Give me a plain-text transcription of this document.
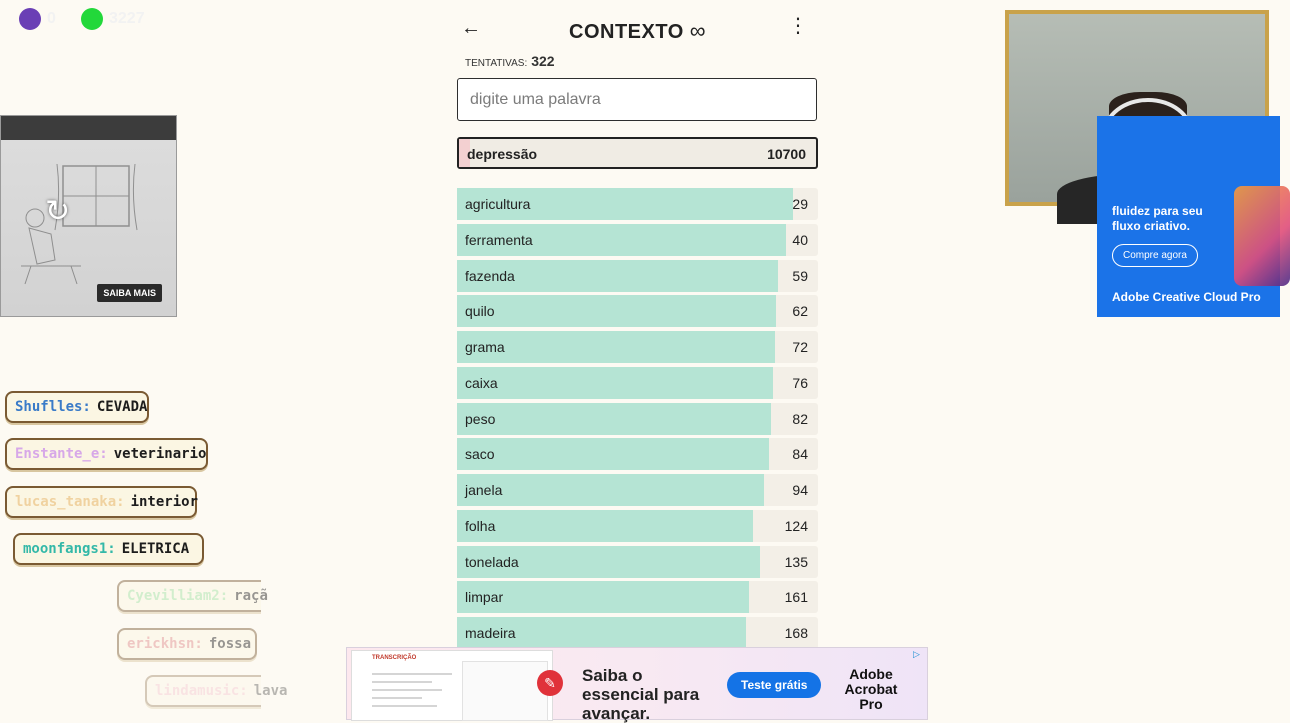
0	3227
↻
SAIBA MAIS
Shuflles: CEVADA
Enstante_e: veterinario
lucas_tanaka: interior
moonfangs1: ELETRICA
Cyevilliam2: raçã
erickhsn: fossa
lindamusic: lava
←	CONTEXTO ∞	⋮
TENTATIVAS: 322
digite uma palavra
depressão	10700
agricultura	29
ferramenta	40
fazenda	59
quilo	62
grama	72
caixa	76
peso	82
saco	84
janela	94
folha	124
tonelada	135
limpar	161
madeira	168
fluidez para seu fluxo criativo.
Compre agora
Adobe Creative Cloud Pro
TRANSCRIÇÃO
✎	Saiba o essencial para avançar.
Teste grátis
Adobe Acrobat Pro
▷
